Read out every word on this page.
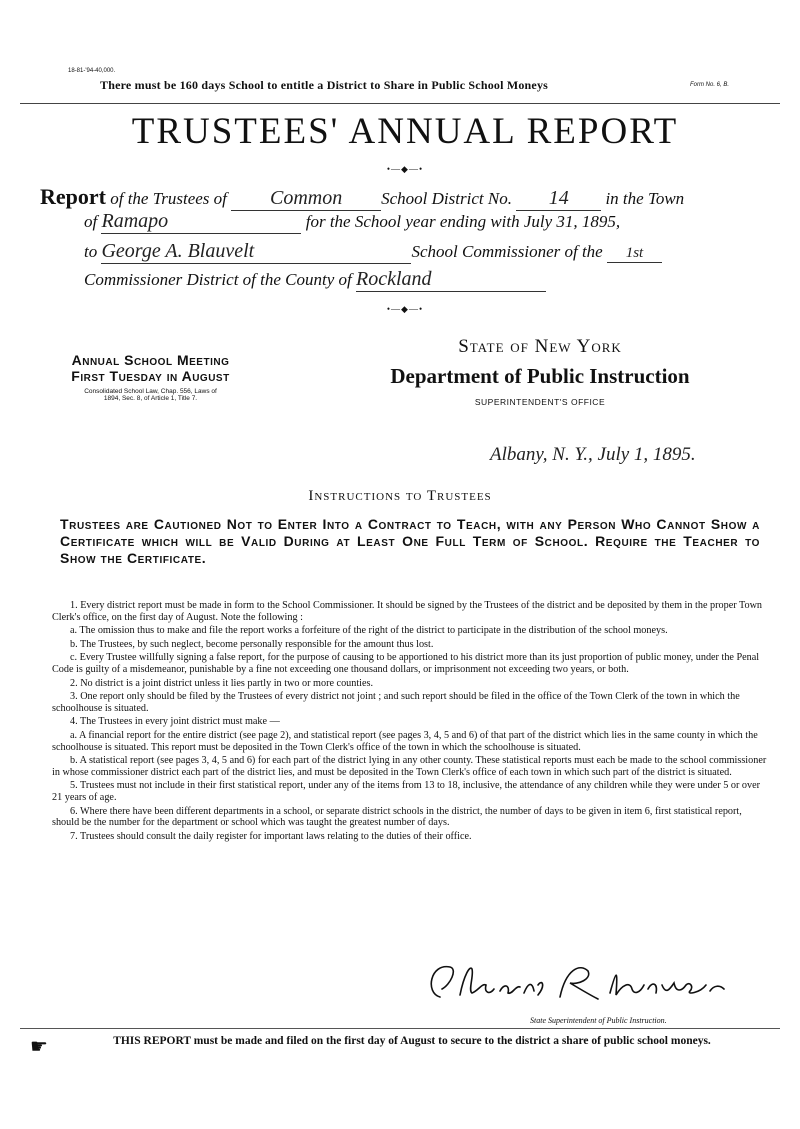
18-81-'94-40,000.
Form No. 6, B.
There must be 160 days School to entitle a District to Share in Public School Moneys
TRUSTEES' ANNUAL REPORT
•—◆—•
Report of the Trustees of Common School District No. 14 in the Town
of Ramapo	for the School year ending with July 31, 1895,
to George A. Blauvelt	School Commissioner of the 1st
Commissioner District of the County of Rockland
•—◆—•
Annual School Meeting
First Tuesday in August
Consolidated School Law, Chap. 556, Laws of
1894, Sec. 8, of Article 1, Title 7.
State of New York
Department of Public Instruction
SUPERINTENDENT'S OFFICE
Albany, N. Y., July 1, 1895.
Instructions to Trustees
Trustees are Cautioned Not to Enter Into a Contract to Teach, with any Person Who Cannot Show a Certificate which will be Valid During at Least One Full Term of School. Require the Teacher to Show the Certificate.

1. Every district report must be made in form to the School Commissioner. It should be signed by the Trustees of the district and be deposited by them in the proper Town Clerk's office, on the first day of August. Note the following :

a. The omission thus to make and file the report works a forfeiture of the right of the district to participate in the distribution of the school moneys.

b. The Trustees, by such neglect, become personally responsible for the amount thus lost.

c. Every Trustee willfully signing a false report, for the purpose of causing to be apportioned to his district more than its just proportion of public money, under the Penal Code is guilty of a misdemeanor, punishable by a fine not exceeding one thousand dollars, or imprisonment not exceeding two years, or both.

2. No district is a joint district unless it lies partly in two or more counties.

3. One report only should be filed by the Trustees of every district not joint ; and such report should be filed in the office of the Town Clerk of the town in which the schoolhouse is situated.

4. The Trustees in every joint district must make —

a. A financial report for the entire district (see page 2), and statistical report (see pages 3, 4, 5 and 6) of that part of the district which lies in the same county in which the schoolhouse is situated. This report must be deposited in the Town Clerk's office of the town in which the schoolhouse is situated.

b. A statistical report (see pages 3, 4, 5 and 6) for each part of the district lying in any other county. These statistical reports must each be made to the school commissioner in whose commissioner district each part of the district lies, and must be deposited in the Town Clerk's office of each town in which such part of the district is situated.

5. Trustees must not include in their first statistical report, under any of the items from 13 to 18, inclusive, the attendance of any children while they were under 5 or over 21 years of age.

6. Where there have been different departments in a school, or separate district schools in the district, the number of days to be given in item 6, first statistical report, should be the number for the department or school which was taught the greatest number of days.

7. Trustees should consult the daily register for important laws relating to the duties of their office.

State Superintendent of Public Instruction.
☛	THIS REPORT must be made and filed on the first day of August to secure to the district a share of public school moneys.
